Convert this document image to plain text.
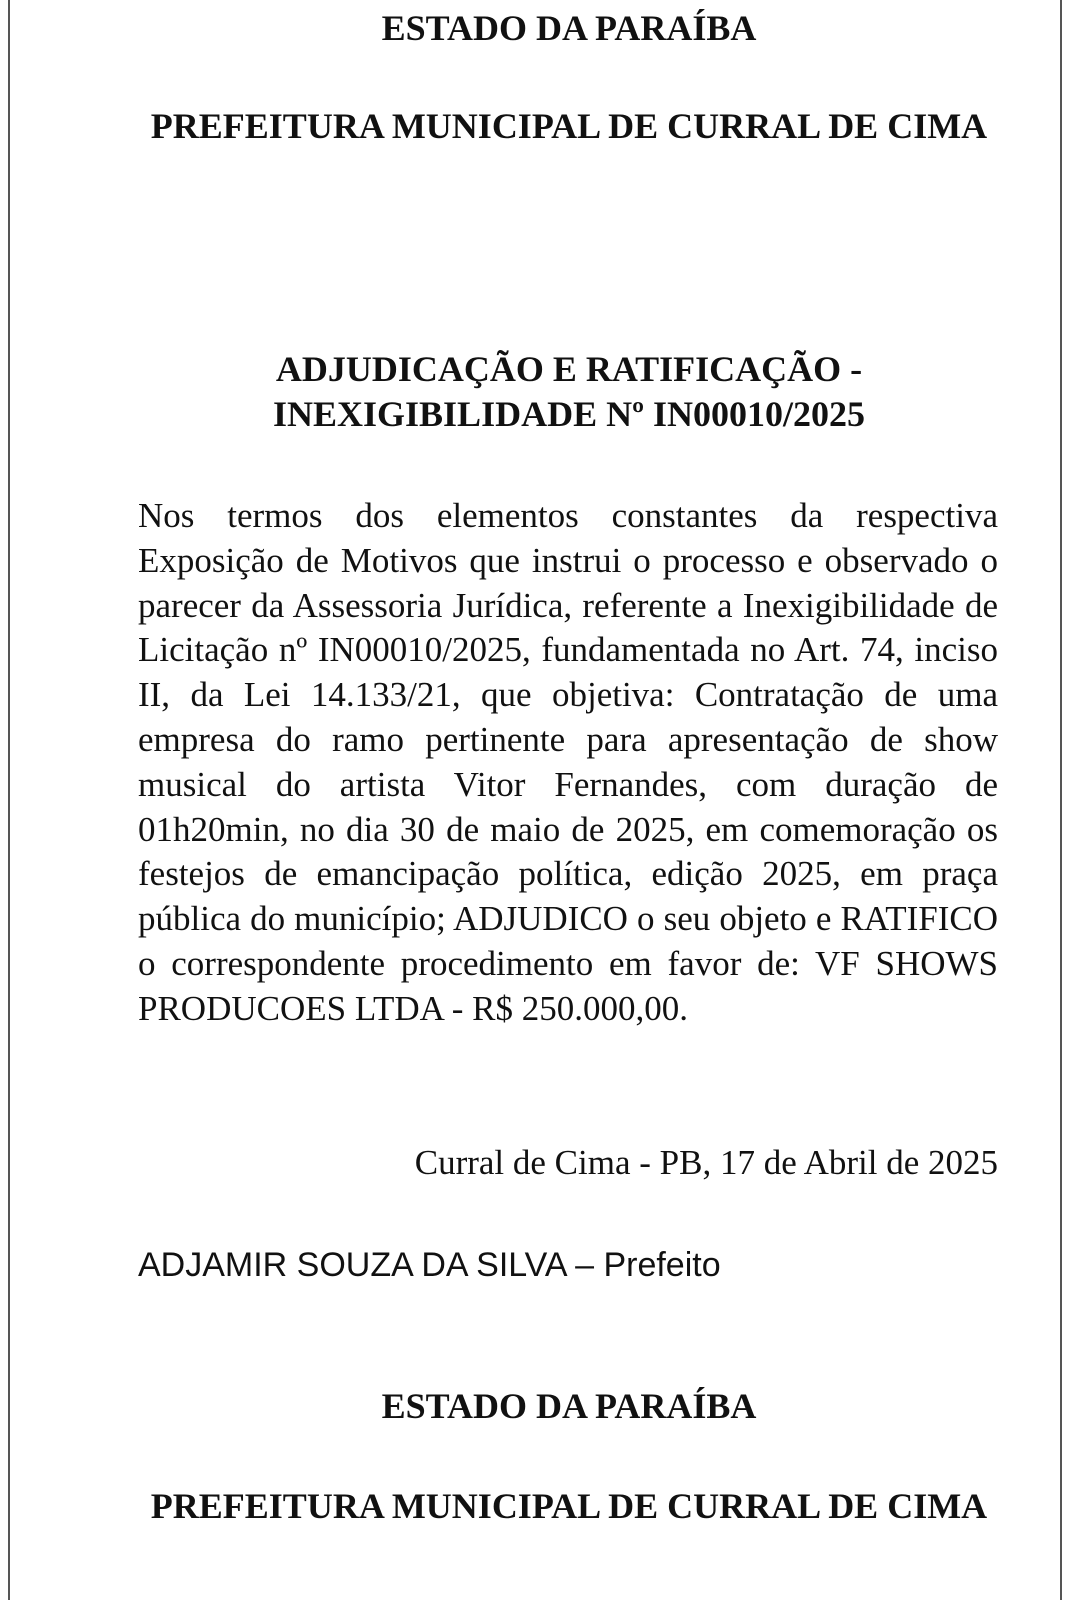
ESTADO DA PARAÍBA

PREFEITURA MUNICIPAL DE CURRAL DE CIMA

ADJUDICAÇÃO E RATIFICAÇÃO - INEXIGIBILIDADE Nº IN00010/2025

Nos termos dos elementos constantes da respectiva Exposição de Motivos que instrui o processo e observado o parecer da Assessoria Jurídica, referente a Inexigibilidade de Licitação nº IN00010/2025, fundamentada no Art. 74, inciso II, da Lei 14.133/21, que objetiva: Contratação de uma empresa do ramo pertinente para apresentação de show musical do artista Vitor Fernandes, com duração de 01h20min, no dia 30 de maio de 2025, em comemoração os festejos de emancipação política, edição 2025, em praça pública do município; ADJUDICO o seu objeto e RATIFICO o correspondente procedimento em favor de: VF SHOWS PRODUCOES LTDA - R$ 250.000,00.

Curral de Cima - PB, 17 de Abril de 2025

ADJAMIR SOUZA DA SILVA – Prefeito

ESTADO DA PARAÍBA

PREFEITURA MUNICIPAL DE CURRAL DE CIMA
